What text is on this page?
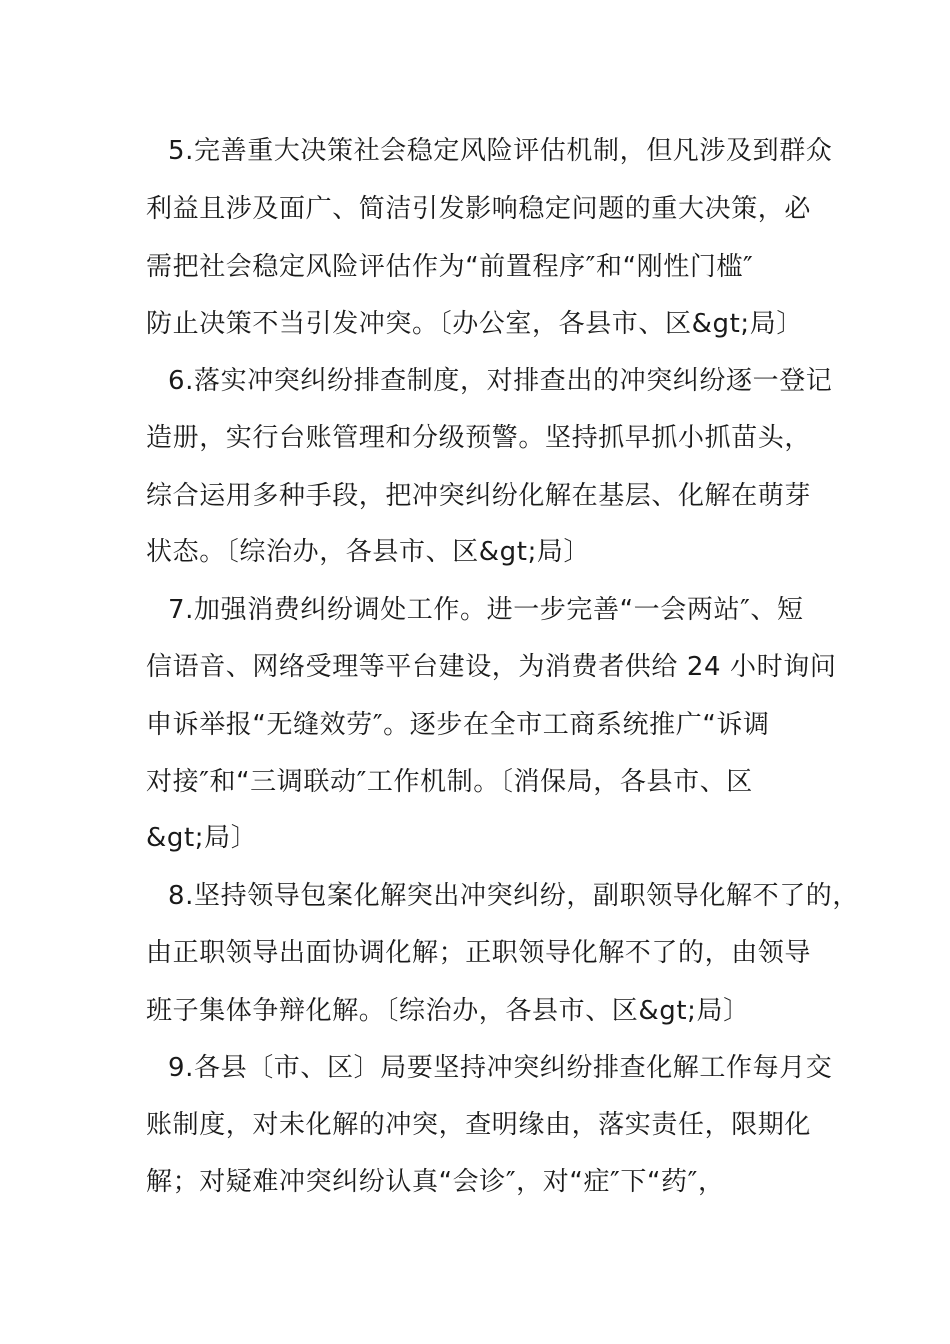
5.完善重大决策社会稳定风险评估机制，但凡涉及到群众
利益且涉及面广、简洁引发影响稳定问题的重大决策，必
需把社会稳定风险评估作为“前置程序″和“刚性门槛″
防止决策不当引发冲突。〔办公室，各县市、区&gt;局〕
6.落实冲突纠纷排查制度，对排查出的冲突纠纷逐一登记
造册，实行台账管理和分级预警。坚持抓早抓小抓苗头，
综合运用多种手段，把冲突纠纷化解在基层、化解在萌芽
状态。〔综治办，各县市、区&gt;局〕
7.加强消费纠纷调处工作。进一步完善“一会两站″、短
信语音、网络受理等平台建设，为消费者供给 24 小时询问
申诉举报“无缝效劳″。逐步在全市工商系统推广“诉调
对接″和“三调联动″工作机制。〔消保局，各县市、区
&gt;局〕
8.坚持领导包案化解突出冲突纠纷，副职领导化解不了的，
由正职领导出面协调化解；正职领导化解不了的，由领导
班子集体争辩化解。〔综治办，各县市、区&gt;局〕
9.各县〔市、区〕局要坚持冲突纠纷排查化解工作每月交
账制度，对未化解的冲突，查明缘由，落实责任，限期化
解；对疑难冲突纠纷认真“会诊″，对“症″下“药″，
